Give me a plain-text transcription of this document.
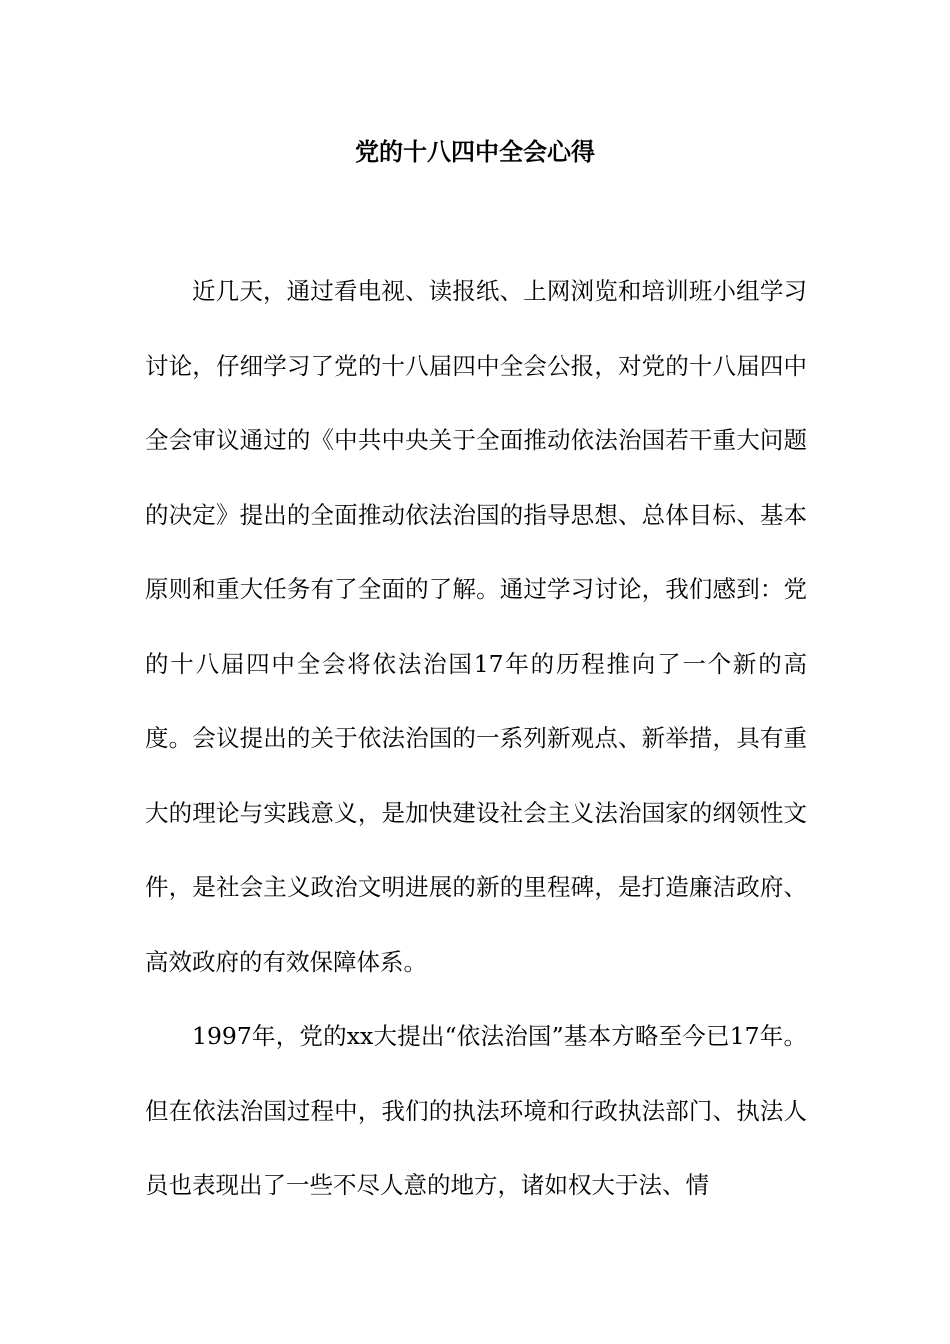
党的十八四中全会心得

近几天，通过看电视、读报纸、上网浏览和培训班小组学习讨论，仔细学习了党的十八届四中全会公报，对党的十八届四中全会审议通过的《中共中央关于全面推动依法治国若干重大问题的决定》提出的全面推动依法治国的指导思想、总体目标、基本原则和重大任务有了全面的了解。通过学习讨论，我们感到：党的十八届四中全会将依法治国17年的历程推向了一个新的高度。会议提出的关于依法治国的一系列新观点、新举措，具有重大的理论与实践意义，是加快建设社会主义法治国家的纲领性文件，是社会主义政治文明进展的新的里程碑，是打造廉洁政府、高效政府的有效保障体系。

1997年，党的xx大提出“依法治国”基本方略至今已17年。但在依法治国过程中，我们的执法环境和行政执法部门、执法人员也表现出了一些不尽人意的地方，诸如权大于法、情
